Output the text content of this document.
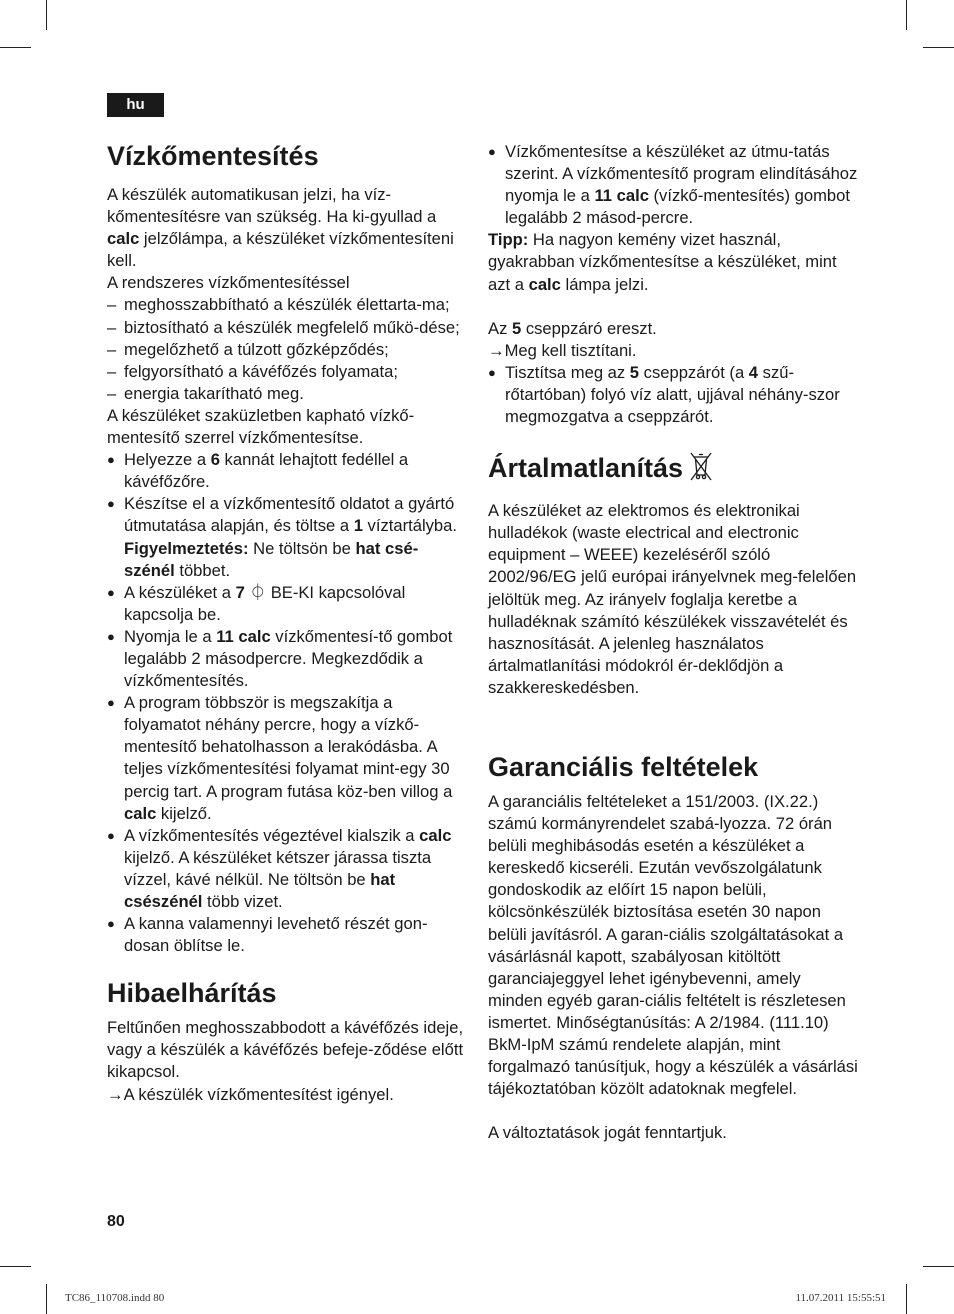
hu
Vízkőmentesítés

A készülék automatikusan jelzi, ha víz-kőmentesítésre van szükség. Ha ki-gyullad a calc jelzőlámpa, a készüléket vízkőmentesíteni kell.

A rendszeres vízkőmentesítéssel

– meghosszabbítható a készülék élettarta-ma;
– biztosítható a készülék megfelelő műkö-dése;
– megelőzhető a túlzott gőzképződés;
– felgyorsítható a kávéfőzés folyamata;
– energia takarítható meg.

A készüléket szaküzletben kapható vízkő-mentesítő szerrel vízkőmentesítse.

● Helyezze a 6 kannát lehajtott fedéllel a kávéfőzőre.
● Készítse el a vízkőmentesítő oldatot a gyártó útmutatása alapján, és töltse a 1 víztartályba.
Figyelmeztetés: Ne töltsön be hat csé-szénél többet.
● A készüléket a 7 ⏀ BE-KI kapcsolóval kapcsolja be.
● Nyomja le a 11 calc vízkőmentesí-tő gombot legalább 2 másodpercre. Megkezdődik a vízkőmentesítés.
● A program többször is megszakítja a folyamatot néhány percre, hogy a vízkő-mentesítő behatolhasson a lerakódásba. A teljes vízkőmentesítési folyamat mint-egy 30 percig tart. A program futása köz-ben villog a calc kijelző.
● A vízkőmentesítés végeztével kialszik a calc kijelző. A készüléket kétszer járassa tiszta vízzel, kávé nélkül. Ne töltsön be hat csészénél több vizet.
● A kanna valamennyi levehető részét gon-dosan öblítse le.
Hibaelhárítás

Feltűnően meghosszabbodott a kávéfőzés ideje, vagy a készülék a kávéfőzés befeje-ződése előtt kikapcsol.

→A készülék vízkőmentesítést igényel.

● Vízkőmentesítse a készüléket az útmu-tatás szerint. A vízkőmentesítő program elindításához nyomja le a 11 calc (vízkő-mentesítés) gombot legalább 2 másod-percre.

Tipp: Ha nagyon kemény vizet használ, gyakrabban vízkőmentesítse a készüléket, mint azt a calc lámpa jelzi.

Az 5 cseppzáró ereszt.

→Meg kell tisztítani.

● Tisztítsa meg az 5 cseppzárót (a 4 szű-rőtartóban) folyó víz alatt, ujjával néhány-szor megmozgatva a cseppzárót.
Ártalmatlanítás

A készüléket az elektromos és elektronikai hulladékok (waste electrical and electronic equipment – WEEE) kezeléséről szóló 2002/96/EG jelű európai irányelvnek meg-felelően jelöltük meg. Az irányelv foglalja keretbe a hulladéknak számító készülékek visszavételét és hasznosítását. A jelenleg használatos ártalmatlanítási módokról ér-deklődjön a szakkereskedésben.

Garanciális feltételek

A garanciális feltételeket a 151/2003. (IX.22.) számú kormányrendelet szabá-lyozza. 72 órán belüli meghibásodás esetén a készüléket a kereskedő kicseréli. Ezután vevőszolgálatunk gondoskodik az előírt 15 napon belüli, kölcsönkészülék biztosítása esetén 30 napon belüli javításról. A garan-ciális szolgáltatásokat a vásárlásnál kapott, szabályosan kitöltött garanciajeggyel lehet igénybevenni, amely minden egyéb garan-ciális feltételt is részletesen ismertet. Minőségtanúsítás: A 2/1984. (111.10) BkM-IpM számú rendelete alapján, mint forgalmazó tanúsítjuk, hogy a készülék a vásárlási tájékoztatóban közölt adatoknak megfelel.

A változtatások jogát fenntartjuk.

80
TC86_110708.indd 80	11.07.2011 15:55:51
